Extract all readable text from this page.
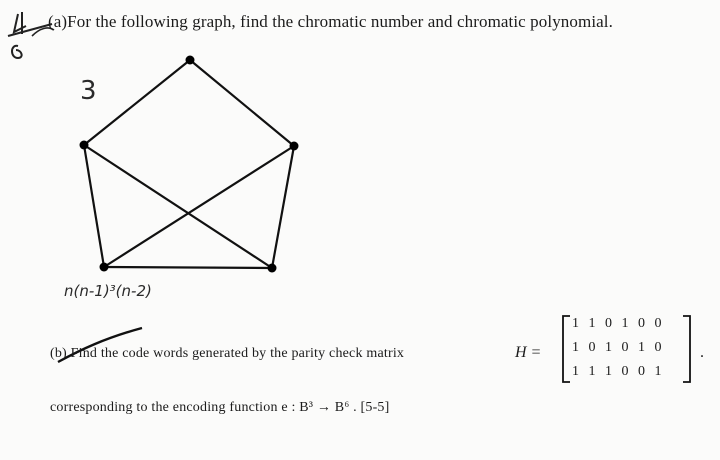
(a)For the following graph, find the chromatic number and chromatic polynomial.
3
n(n-1)³(n-2)
(b) Find the code words generated by the parity check matrix	H =
1 1 0 1 0 0
1 0 1 0 1 0
1 1 1 0 0 1
.
corresponding to the encoding function e : B³ → B⁶ . [5-5]
